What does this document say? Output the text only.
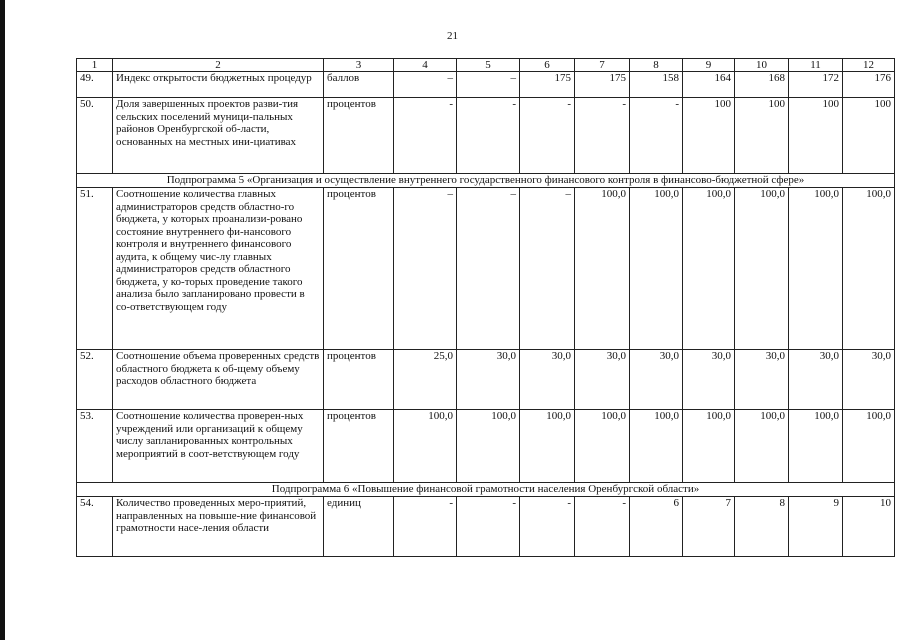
21
1	2	3	4	5	6	7	8	9	10	11	12
49.	Индекс открытости бюджетных процедур	баллов	–	–	175	175	158	164	168	172	176
50.	Доля завершенных проектов разви-тия сельских поселений муници-пальных районов Оренбургской об-ласти, основанных на местных ини-циативах	процентов	-	-	-	-	-	100	100	100	100
Подпрограмма 5 «Организация и осуществление внутреннего государственного финансового контроля в финансово-бюджетной сфере»											
51.	Соотношение количества главных администраторов средств областно-го бюджета, у которых проанализи-ровано состояние внутреннего фи-нансового контроля и внутреннего финансового аудита, к общему чис-лу главных администраторов средств областного бюджета, у ко-торых проведение такого анализа было запланировано провести в со-ответствующем году	процентов	–	–	–	100,0	100,0	100,0	100,0	100,0	100,0
52.	Соотношение объема проверенных средств областного бюджета к об-щему объему расходов областного бюджета	процентов	25,0	30,0	30,0	30,0	30,0	30,0	30,0	30,0	30,0
53.	Соотношение количества проверен-ных учреждений или организаций к общему числу запланированных контрольных мероприятий в соот-ветствующем году	процентов	100,0	100,0	100,0	100,0	100,0	100,0	100,0	100,0	100,0
Подпрограмма 6 «Повышение финансовой грамотности населения Оренбургской области»											
54.	Количество проведенных меро-приятий, направленных на повыше-ние финансовой грамотности насе-ления области	единиц	-	-	-	-	6	7	8	9	10
